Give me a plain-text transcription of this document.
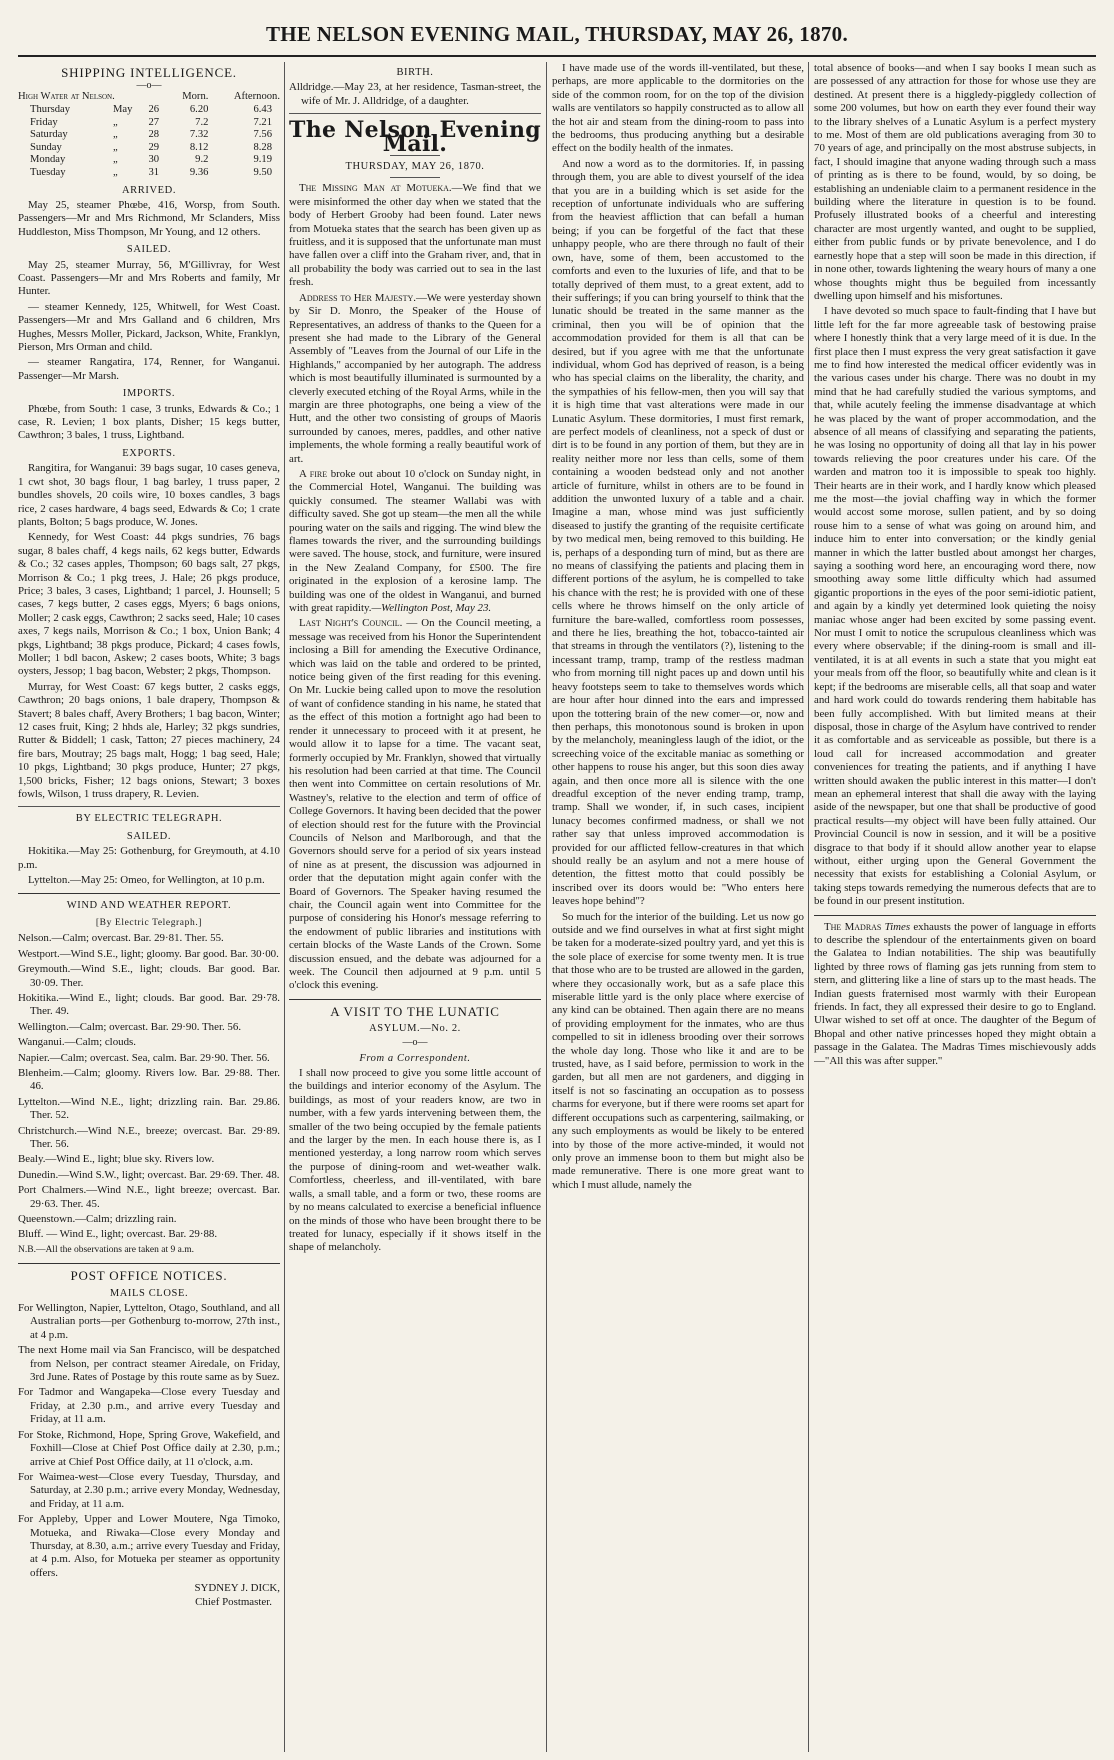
THE NELSON EVENING MAIL, THURSDAY, MAY 26, 1870.
SHIPPING INTELLIGENCE.
—o—
High Water at Nelson.			Morn.	Afternoon.
Thursday	May	26	6.20	6.43
Friday	„	27	7.2	7.21
Saturday	„	28	7.32	7.56
Sunday	„	29	8.12	8.28
Monday	„	30	9.2	9.19
Tuesday	„	31	9.36	9.50
ARRIVED.

May 25, steamer Phœbe, 416, Worsp, from South. Passengers—Mr and Mrs Richmond, Mr Sclanders, Miss Huddleston, Miss Thompson, Mr Young, and 12 others.

SAILED.

May 25, steamer Murray, 56, M'Gillivray, for West Coast. Passengers—Mr and Mrs Roberts and family, Mr Hunter.

— steamer Kennedy, 125, Whitwell, for West Coast. Passengers—Mr and Mrs Galland and 6 children, Mrs Hughes, Messrs Moller, Pickard, Jackson, White, Franklyn, Pierson, Mrs Orman and child.

— steamer Rangatira, 174, Renner, for Wanganui. Passenger—Mr Marsh.

IMPORTS.

Phœbe, from South: 1 case, 3 trunks, Edwards & Co.; 1 case, R. Levien; 1 box plants, Disher; 15 kegs butter, Cawthron; 3 bales, 1 truss, Lightband.

EXPORTS.

Rangitira, for Wanganui: 39 bags sugar, 10 cases geneva, 1 cwt shot, 30 bags flour, 1 bag barley, 1 truss paper, 2 bundles shovels, 20 coils wire, 10 boxes candles, 3 bags rice, 2 cases hardware, 4 bags seed, Edwards & Co; 1 crate plants, Bolton; 5 bags produce, W. Jones.

Kennedy, for West Coast: 44 pkgs sundries, 76 bags sugar, 8 bales chaff, 4 kegs nails, 62 kegs butter, Edwards & Co.; 32 cases apples, Thompson; 60 bags salt, 27 pkgs, Morrison & Co.; 1 pkg trees, J. Hale; 26 pkgs produce, Price; 3 bales, 3 cases, Lightband; 1 parcel, J. Hounsell; 5 cases, 7 kegs butter, 2 cases eggs, Myers; 6 bags onions, Moller; 2 cask eggs, Cawthron; 2 sacks seed, Hale; 10 cases axes, 7 kegs nails, Morrison & Co.; 1 box, Union Bank; 4 pkgs, Lightband; 38 pkgs produce, Pickard; 4 cases fowls, Moller; 1 bdl bacon, Askew; 2 cases boots, White; 3 bags oysters, Jessop; 1 bag bacon, Webster; 2 pkgs, Thompson.

Murray, for West Coast: 67 kegs butter, 2 casks eggs, Cawthron; 20 bags onions, 1 bale drapery, Thompson & Stavert; 8 bales chaff, Avery Brothers; 1 bag bacon, Winter; 12 cases fruit, King; 2 hhds ale, Harley; 32 pkgs sundries, Rutter & Biddell; 1 cask, Tatton; 27 pieces machinery, 24 fire bars, Moutray; 25 bags malt, Hogg; 1 bag seed, Hale; 10 pkgs, Lightband; 30 pkgs produce, Hunter; 27 pkgs, 1,500 bricks, Fisher; 12 bags onions, Stewart; 3 boxes fowls, Wilson, 1 truss drapery, R. Levien.

BY ELECTRIC TELEGRAPH.
SAILED.

Hokitika.—May 25: Gothenburg, for Greymouth, at 4.10 p.m.

Lyttelton.—May 25: Omeo, for Wellington, at 10 p.m.

WIND AND WEATHER REPORT.
[By Electric Telegraph.]

Nelson.—Calm; overcast. Bar. 29·81. Ther. 55.

Westport.—Wind S.E., light; gloomy. Bar good. Bar. 30·00.

Greymouth.—Wind S.E., light; clouds. Bar good. Bar. 30·09. Ther.

Hokitika.—Wind E., light; clouds. Bar good. Bar. 29·78. Ther. 49.

Wellington.—Calm; overcast. Bar. 29·90. Ther. 56.

Wanganui.—Calm; clouds.

Napier.—Calm; overcast. Sea, calm. Bar. 29·90. Ther. 56.

Blenheim.—Calm; gloomy. Rivers low. Bar. 29·88. Ther. 46.

Lyttelton.—Wind N.E., light; drizzling rain. Bar. 29.86. Ther. 52.

Christchurch.—Wind N.E., breeze; overcast. Bar. 29·89. Ther. 56.

Bealy.—Wind E., light; blue sky. Rivers low.

Dunedin.—Wind S.W., light; overcast. Bar. 29·69. Ther. 48.

Port Chalmers.—Wind N.E., light breeze; overcast. Bar. 29·63. Ther. 45.

Queenstown.—Calm; drizzling rain.

Bluff. — Wind E., light; overcast. Bar. 29·88.

N.B.—All the observations are taken at 9 a.m.

POST OFFICE NOTICES.
MAILS CLOSE.

For Wellington, Napier, Lyttelton, Otago, Southland, and all Australian ports—per Gothenburg to-morrow, 27th inst., at 4 p.m.

The next Home mail via San Francisco, will be despatched from Nelson, per contract steamer Airedale, on Friday, 3rd June. Rates of Postage by this route same as by Suez.

For Tadmor and Wangapeka—Close every Tuesday and Friday, at 2.30 p.m., and arrive every Tuesday and Friday, at 11 a.m.

For Stoke, Richmond, Hope, Spring Grove, Wakefield, and Foxhill—Close at Chief Post Office daily at 2.30, p.m.; arrive at Chief Post Office daily, at 11 o'clock, a.m.

For Waimea-west—Close every Tuesday, Thursday, and Saturday, at 2.30 p.m.; arrive every Monday, Wednesday, and Friday, at 11 a.m.

For Appleby, Upper and Lower Moutere, Nga Timoko, Motueka, and Riwaka—Close every Monday and Thursday, at 8.30, a.m.; arrive every Tuesday and Friday, at 4 p.m. Also, for Motueka per steamer as opportunity offers.

SYDNEY J. DICK,

Chief Postmaster.

BIRTH.

Alldridge.—May 23, at her residence, Tasman-street, the wife of Mr. J. Alldridge, of a daughter.

The Nelson Evening Mail.
THURSDAY, MAY 26, 1870.

The Missing Man at Motueka.—We find that we were misinformed the other day when we stated that the body of Herbert Grooby had been found. Later news from Motueka states that the search has been given up as fruitless, and it is supposed that the unfortunate man must have fallen over a cliff into the Graham river, and, that in all probability the body was carried out to sea in the last fresh.

Address to Her Majesty.—We were yesterday shown by Sir D. Monro, the Speaker of the House of Representatives, an address of thanks to the Queen for a present she had made to the Library of the General Assembly of "Leaves from the Journal of our Life in the Highlands," accompanied by her autograph. The address which is most beautifully illuminated is surmounted by a cleverly executed etching of the Royal Arms, while in the margin are three photographs, one being a view of the Hutt, and the other two consisting of groups of Maoris surrounded by canoes, meres, paddles, and other native implements, the whole forming a really beautiful work of art.

A fire broke out about 10 o'clock on Sunday night, in the Commercial Hotel, Wanganui. The building was quickly consumed. The steamer Wallabi was with difficulty saved. She got up steam—the men all the while pouring water on the sails and rigging. The wind blew the flames towards the river, and the surrounding buildings were saved. The house, stock, and furniture, were insured in the New Zealand Company, for £500. The fire originated in the explosion of a kerosine lamp. The building was one of the oldest in Wanganui, and burned with great rapidity.—Wellington Post, May 23.

Last Night's Council. — On the Council meeting, a message was received from his Honor the Superintendent inclosing a Bill for amending the Executive Ordinance, which was laid on the table and ordered to be printed, notice being given of the first reading for this evening. On Mr. Luckie being called upon to move the resolution of want of confidence standing in his name, he stated that as the effect of this motion a fortnight ago had been to render it unnecessary to proceed with it at present, he would allow it to lapse for a time. The vacant seat, formerly occupied by Mr. Franklyn, showed that virtually his resolution had been carried at that time. The Council then went into Committee on certain resolutions of Mr. Wastney's, relative to the election and term of office of College Governors. It having been decided that the power of election should rest for the future with the Provincial Councils of Nelson and Marlborough, and that the Governors should serve for a period of six years instead of nine as at present, the discussion was adjourned in order that the deputation might again confer with the Board of Governors. The Speaker having resumed the chair, the Council again went into Committee for the purpose of considering his Honor's message referring to the endowment of public libraries and institutions with certain blocks of the Waste Lands of the Crown. Some discussion ensued, and the debate was adjourned for a week. The Council then adjourned at 9 p.m. until 5 o'clock this evening.

A VISIT TO THE LUNATIC
ASYLUM.—No. 2.
—o—
From a Correspondent.

I shall now proceed to give you some little account of the buildings and interior economy of the Asylum. The buildings, as most of your readers know, are two in number, with a few yards intervening between them, the smaller of the two being occupied by the female patients and the larger by the men. In each house there is, as I mentioned yesterday, a long narrow room which serves the purpose of dining-room and wet-weather walk. Comfortless, cheerless, and ill-ventilated, with bare walls, a small table, and a form or two, these rooms are by no means calculated to exercise a beneficial influence on the minds of those who have been brought there to be treated for lunacy, especially if it shows itself in the shape of melancholy.

I have made use of the words ill-ventilated, but these, perhaps, are more applicable to the dormitories on the side of the common room, for on the top of the division walls are ventilators so happily constructed as to allow all the hot air and steam from the dining-room to pass into the bedrooms, thus producing anything but a desirable effect on the bodily health of the inmates.

And now a word as to the dormitories. If, in passing through them, you are able to divest yourself of the idea that you are in a building which is set aside for the reception of unfortunate individuals who are suffering from the heaviest affliction that can befall a human being; if you can be forgetful of the fact that these unhappy people, who are there through no fault of their own, have, some of them, been accustomed to the comforts and even to the luxuries of life, and that to be totally deprived of them must, to a great extent, add to their sufferings; if you can bring yourself to think that the lunatic should be treated in the same manner as the criminal, then you will be of opinion that the accommodation provided for them is all that can be desired, but if you agree with me that the unfortunate individual, whom God has deprived of reason, is a being who has special claims on the liberality, the charity, and the sympathies of his fellow-men, then you will say that it is high time that vast alterations were made in our Lunatic Asylum. These dormitories, I must first remark, are perfect models of cleanliness, not a speck of dust or dirt is to be found in any portion of them, but they are in reality neither more nor less than cells, some of them containing a wooden bedstead only and not another article of furniture, whilst in others are to be found in addition the unwonted luxury of a table and a chair. Imagine a man, whose mind was just sufficiently diseased to justify the granting of the requisite certificate by two medical men, being removed to this building. He is, perhaps of a desponding turn of mind, but as there are no means of classifying the patients and placing them in different portions of the asylum, he is compelled to take his chance with the rest; he is provided with one of these cells where he throws himself on the only article of furniture the bare-walled, comfortless room possesses, and there he lies, breathing the hot, tobacco-tainted air that streams in through the ventilators (?), listening to the incessant tramp, tramp, tramp of the restless madman who from morning till night paces up and down until his heavy footsteps seem to take to themselves words which are hour after hour dinned into the ears and impressed upon the tottering brain of the new comer—or, now and then perhaps, this monotonous sound is broken in upon by the melancholy, meaningless laugh of the idiot, or the screeching voice of the excitable maniac as something or other happens to rouse his anger, but this soon dies away again, and then once more all is silence with the one dreadful exception of the never ending tramp, tramp, tramp. Shall we wonder, if, in such cases, incipient lunacy becomes confirmed madness, or shall we not rather say that unless improved accommodation is provided for our afflicted fellow-creatures in that which should really be an asylum and not a mere house of detention, the fittest motto that could possibly be inscribed over its doors would be: "Who enters here leaves hope behind"?

So much for the interior of the building. Let us now go outside and we find ourselves in what at first sight might be taken for a moderate-sized poultry yard, and yet this is the sole place of exercise for some twenty men. It is true that those who are to be trusted are allowed in the garden, where they occasionally work, but as a safe place this miserable little yard is the only place where exercise of any kind can be obtained. Then again there are no means of providing employment for the inmates, who are thus compelled to sit in idleness brooding over their sorrows the whole day long. Those who like it and are to be trusted, have, as I said before, permission to work in the garden, but all men are not gardeners, and digging in itself is not so fascinating an occupation as to possess charms for everyone, but if there were rooms set apart for different occupations such as carpentering, sailmaking, or any such employments as would be likely to be entered into by those of the more active-minded, it would not only prove an immense boon to them but might also be made remunerative. There is one more great want to which I must allude, namely the

total absence of books—and when I say books I mean such as are possessed of any attraction for those for whose use they are destined. At present there is a higgledy-piggledy collection of some 200 volumes, but how on earth they ever found their way to the library shelves of a Lunatic Asylum is a perfect mystery to me. Most of them are old publications averaging from 30 to 70 years of age, and principally on the most abstruse subjects, in fact, I should imagine that anyone wading through such a mass of printing as is there to be found, would, by so doing, be establishing an undeniable claim to a permanent residence in the building where the literature in question is to be found. Profusely illustrated books of a cheerful and interesting character are most urgently wanted, and ought to be supplied, either from public funds or by private benevolence, and I do earnestly hope that a step will soon be made in this direction, if in none other, towards lightening the weary hours of many a one whose thoughts might thus be beguiled from incessantly dwelling upon himself and his misfortunes.

I have devoted so much space to fault-finding that I have but little left for the far more agreeable task of bestowing praise where I honestly think that a very large meed of it is due. In the first place then I must express the very great satisfaction it gave me to find how interested the medical officer evidently was in the various cases under his charge. There was no doubt in my mind that he had carefully studied the various symptoms, and that, while acutely feeling the immense disadvantage at which he was placed by the want of proper accommodation, and the absence of all means of classifying and separating the patients, he was losing no opportunity of doing all that lay in his power towards relieving the poor creatures under his care. Of the warden and matron too it is impossible to speak too highly. Their hearts are in their work, and I hardly know which pleased me the most—the jovial chaffing way in which the former would accost some morose, sullen patient, and by so doing rouse him to a sense of what was going on around him, and induce him to enter into conversation; or the kindly genial manner in which the latter bustled about amongst her charges, saying a soothing word here, an encouraging word there, now smoothing away some little difficulty which had assumed gigantic proportions in the eyes of the poor semi-idiotic patient, and again by a kindly yet determined look quieting the noisy maniac whose anger had been excited by some passing event. Nor must I omit to notice the scrupulous cleanliness which was every where observable; if the dining-room is small and ill-ventilated, it is at all events in such a state that you might eat your meals from off the floor, so beautifully white and clean is it kept; if the bedrooms are miserable cells, all that soap and water and hard work could do towards rendering them habitable has been fully accomplished. With but limited means at their disposal, those in charge of the Asylum have contrived to render it as comfortable and as serviceable as possible, but there is a loud call for increased accommodation and greater conveniences for treating the patients, and if anything I have written should awaken the public interest in this matter—I don't mean an ephemeral interest that shall die away with the laying aside of the newspaper, but one that shall be productive of good practical results—my object will have been fully attained. Our Provincial Council is now in session, and it will be a positive disgrace to that body if it should allow another year to elapse without, either urging upon the General Government the necessity that exists for establishing a Colonial Asylum, or taking steps towards remedying the numerous defects that are to be found in our present institution.

The Madras Times exhausts the power of language in efforts to describe the splendour of the entertainments given on board the Galatea to Indian notabilities. The ship was beautifully lighted by three rows of flaming gas jets running from stem to stern, and glittering like a line of stars up to the mast heads. The Indian guests fraternised most warmly with their European friends. In fact, they all expressed their desire to go to England. Ulwar wished to set off at once. The daughter of the Begum of Bhopal and other native princesses hoped they might obtain a passage in the Galatea. The Madras Times mischievously adds—"All this was after supper."
